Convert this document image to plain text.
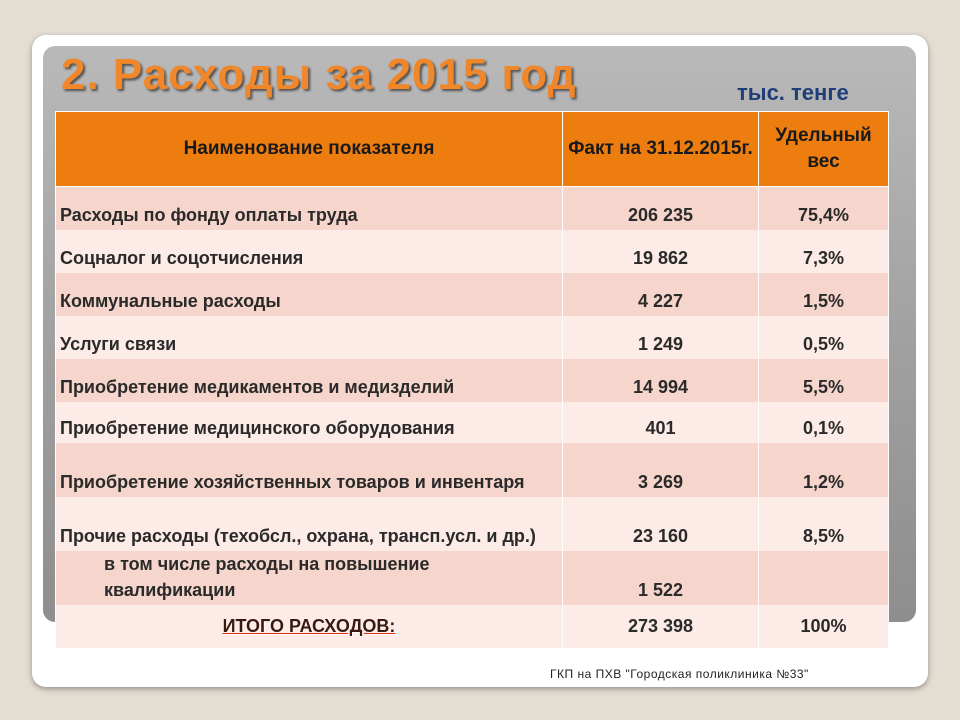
2. Расходы за 2015 год	тыс. тенге
Наименование показателя	Факт на 31.12.2015г.	Удельный вес
Расходы по фонду оплаты труда	206 235	75,4%
Соцналог и соцотчисления	19 862	7,3%
Коммунальные расходы	4 227	1,5%
Услуги связи	1 249	0,5%
Приобретение медикаментов и медизделий	14 994	5,5%
Приобретение медицинского оборудования	401	0,1%
Приобретение хозяйственных товаров и инвентаря	3 269	1,2%
Прочие расходы (техобсл., охрана, трансп.усл. и др.)	23 160	8,5%
в том числе расходы на повышение квалификации	1 522	

ИТОГО РАСХОДОВ:	273 398	100%
ГКП на ПХВ "Городская поликлиника №33"
